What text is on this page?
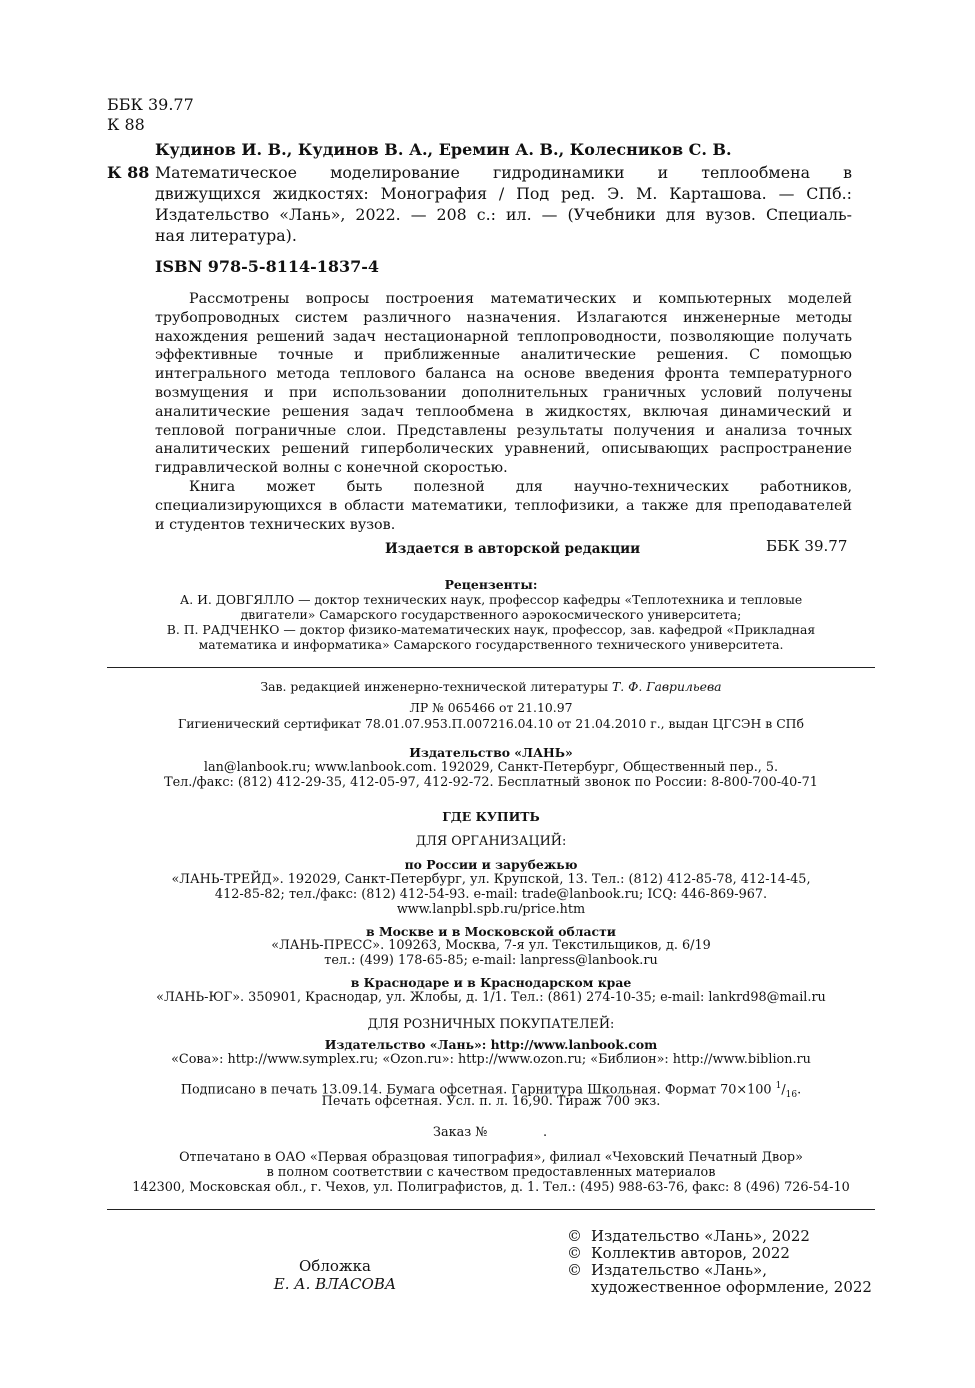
ББК 39.77
К 88
Кудинов И. В., Кудинов В. А., Еремин А. В., Колесников С. В.
К 88 Математическое моделирование гидродинамики и теплообмена в
движущихся жидкостях: Монография / Под ред. Э. М. Карташова. — СПб.:
Издательство «Лань», 2022. — 208 с.: ил. — (Учебники для вузов. Специаль-
ная литература).
ISBN 978-5-8114-1837-4
Рассмотрены вопросы построения математических и компьютерных моделей
трубопроводных систем различного назначения. Излагаются инженерные методы
нахождения решений задач нестационарной теплопроводности, позволяющие получать
эффективные точные и приближенные аналитические решения. С помощью
интегрального метода теплового баланса на основе введения фронта температурного
возмущения и при использовании дополнительных граничных условий получены
аналитические решения задач теплообмена в жидкостях, включая динамический и
тепловой пограничные слои. Представлены результаты получения и анализа точных
аналитических решений гиперболических уравнений, описывающих распространение
гидравлической волны с конечной скоростью.
Книга может быть полезной для научно-технических работников,
специализирующихся в области математики, теплофизики, а также для преподавателей
и студентов технических вузов.
Издается в авторской редакции	ББК 39.77
Рецензенты:
А. И. ДОВГЯЛЛО — доктор технических наук, профессор кафедры «Теплотехника и тепловые
двигатели» Самарского государственного аэрокосмического университета;
В. П. РАДЧЕНКО — доктор физико-математических наук, профессор, зав. кафедрой «Прикладная
математика и информатика» Самарского государственного технического университета.
Зав. редакцией инженерно-технической литературы Т. Ф. Гаврильева
ЛР № 065466 от 21.10.97
Гигиенический сертификат 78.01.07.953.П.007216.04.10 от 21.04.2010 г., выдан ЦГСЭН в СПб
Издательство «ЛАНЬ»
lan@lanbook.ru; www.lanbook.com. 192029, Санкт-Петербург, Общественный пер., 5.
Тел./факс: (812) 412-29-35, 412-05-97, 412-92-72. Бесплатный звонок по России: 8-800-700-40-71
ГДЕ КУПИТЬ
ДЛЯ ОРГАНИЗАЦИЙ:
по России и зарубежью
«ЛАНЬ-ТРЕЙД». 192029, Санкт-Петербург, ул. Крупской, 13. Тел.: (812) 412-85-78, 412-14-45,
412-85-82; тел./факс: (812) 412-54-93. e-mail: trade@lanbook.ru; ICQ: 446-869-967.
www.lanpbl.spb.ru/price.htm
в Москве и в Московской области
«ЛАНЬ-ПРЕСС». 109263, Москва, 7-я ул. Текстильщиков, д. 6/19
тел.: (499) 178-65-85; e-mail: lanpress@lanbook.ru
в Краснодаре и в Краснодарском крае
«ЛАНЬ-ЮГ». 350901, Краснодар, ул. Жлобы, д. 1/1. Тел.: (861) 274-10-35; e-mail: lankrd98@mail.ru
ДЛЯ РОЗНИЧНЫХ ПОКУПАТЕЛЕЙ:
Издательство «Лань»: http://www.lanbook.com
«Сова»: http://www.symplex.ru; «Ozon.ru»: http://www.ozon.ru; «Библион»: http://www.biblion.ru
Подписано в печать 13.09.14. Бумага офсетная. Гарнитура Школьная. Формат 70×100 $^1/_{16}$.
Печать офсетная. Усл. п. л. 16,90. Тираж 700 экз.
Заказ №	.
Отпечатано в ОАО «Первая образцовая типография», филиал «Чеховский Печатный Двор»
в полном соответствии с качеством предоставленных материалов
142300, Московская обл., г. Чехов, ул. Полиграфистов, д. 1. Тел.: (495) 988-63-76, факс: 8 (496) 726-54-10
Обложка
Е. А. ВЛАСОВА
© Издательство «Лань», 2022
© Коллектив авторов, 2022
© Издательство «Лань»,
художественное оформление, 2022
